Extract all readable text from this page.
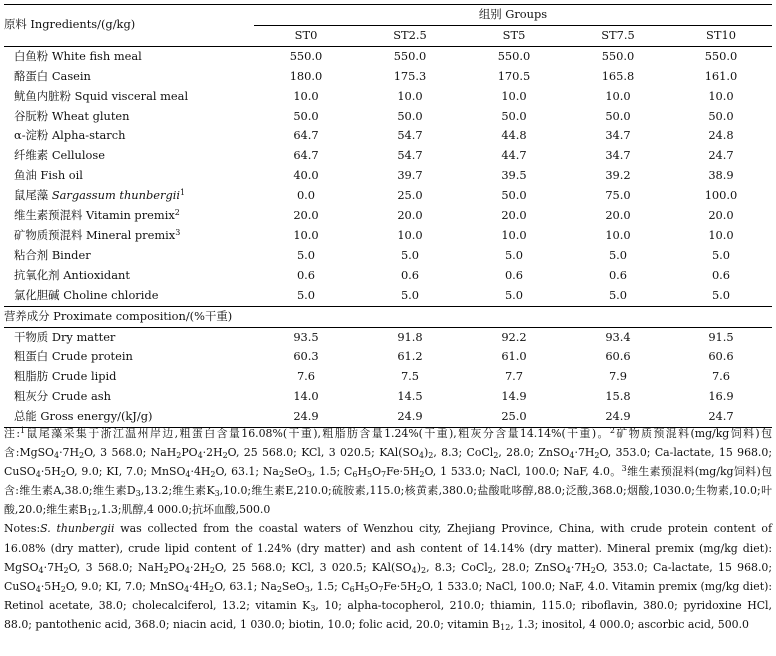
原料 Ingredients/(g/kg)	组别 Groups				
	ST0	ST2.5	ST5	ST7.5	ST10
白鱼粉 White fish meal	550.0	550.0	550.0	550.0	550.0
酪蛋白 Casein	180.0	175.3	170.5	165.8	161.0
鱿鱼内脏粉 Squid visceral meal	10.0	10.0	10.0	10.0	10.0
谷朊粉 Wheat gluten	50.0	50.0	50.0	50.0	50.0
α-淀粉 Alpha-starch	64.7	54.7	44.8	34.7	24.8
纤维素 Cellulose	64.7	54.7	44.7	34.7	24.7
鱼油 Fish oil	40.0	39.7	39.5	39.2	38.9
鼠尾藻 Sargassum thunbergii$^1$	0.0	25.0	50.0	75.0	100.0
维生素预混料 Vitamin premix$^2$	20.0	20.0	20.0	20.0	20.0
矿物质预混料 Mineral premix$^3$	10.0	10.0	10.0	10.0	10.0
粘合剂 Binder	5.0	5.0	5.0	5.0	5.0
抗氧化剂 Antioxidant	0.6	0.6	0.6	0.6	0.6
氯化胆碱 Choline chloride	5.0	5.0	5.0	5.0	5.0
营养成分 Proximate composition/(%干重)					
干物质 Dry matter	93.5	91.8	92.2	93.4	91.5
粗蛋白 Crude protein	60.3	61.2	61.0	60.6	60.6
粗脂肪 Crude lipid	7.6	7.5	7.7	7.9	7.6
粗灰分 Crude ash	14.0	14.5	14.9	15.8	16.9
总能 Gross energy/(kJ/g)	24.9	24.9	25.0	24.9	24.7

注:$^1$鼠尾藻采集于浙江温州岸边,粗蛋白含量16.08%(干重),粗脂肪含量1.24%(干重),粗灰分含量14.14%(干重)。$^2$矿物质预混料(mg/kg饲料)包含$:MgSO_4\cdot 7H_2O$, 3 568.0; $NaH_2PO_4\cdot 2H_2O$, 25 568.0; KCl, 3 020.5; $KAl(SO_4)_2$, 8.3; CoCl$_2$, 28.0; $ZnSO_4\cdot 7H_2O$, 353.0; Ca-lactate, 15 968.0; $CuSO_4\cdot 5H_2O$, 9.0; KI, 7.0; $MnSO_4\cdot 4H_2O$, 63.1; $Na_2SeO_3$, 1.5; $C_6H_5O_7Fe\cdot 5H_2O$, 1 533.0; NaCl, 100.0; NaF, 4.0。$^3$维生素预混料(mg/kg饲料)包含:维生素A,38.0;维生素$D_3,13.2$;维生素$K_3,10.0$;维生素E,210.0;硫胺素,115.0;核黄素,380.0;盐酸吡哆醇,88.0;泛酸,368.0;烟酸,1030.0;生物素,10.0;叶酸,20.0;维生素$B_{12},1.3$;肌醇,4 000.0;抗坏血酸,500.0

Notes:S. thunbergii was collected from the coastal waters of Wenzhou city, Zhejiang Province, China, with crude protein content of 16.08% (dry matter), crude lipid content of 1.24% (dry matter) and ash content of 14.14% (dry matter). Mineral premix (mg/kg diet): $MgSO_4\cdot 7H_2O$, 3 568.0; $NaH_2PO_4\cdot 2H_2O$, 25 568.0; KCl, 3 020.5; $KAl(SO_4)_2$, 8.3; CoCl$_2$, 28.0; $ZnSO_4\cdot 7H_2O$, 353.0; Ca-lactate, 15 968.0; $CuSO_4\cdot 5H_2O$, 9.0; KI, 7.0; $MnSO_4\cdot 4H_2O$, 63.1; $Na_2SeO_3$, 1.5; $C_6H_5O_7Fe\cdot 5H_2O$, 1 533.0; NaCl, 100.0; NaF, 4.0. Vitamin premix (mg/kg diet): Retinol acetate, 38.0; cholecalciferol, 13.2; vitamin $K_3$, 10; alpha-tocopherol, 210.0; thiamin, 115.0; riboflavin, 380.0; pyridoxine HCl, 88.0; pantothenic acid, 368.0; niacin acid, 1 030.0; biotin, 10.0; folic acid, 20.0; vitamin $B_{12}$, 1.3; inositol, 4 000.0; ascorbic acid, 500.0
